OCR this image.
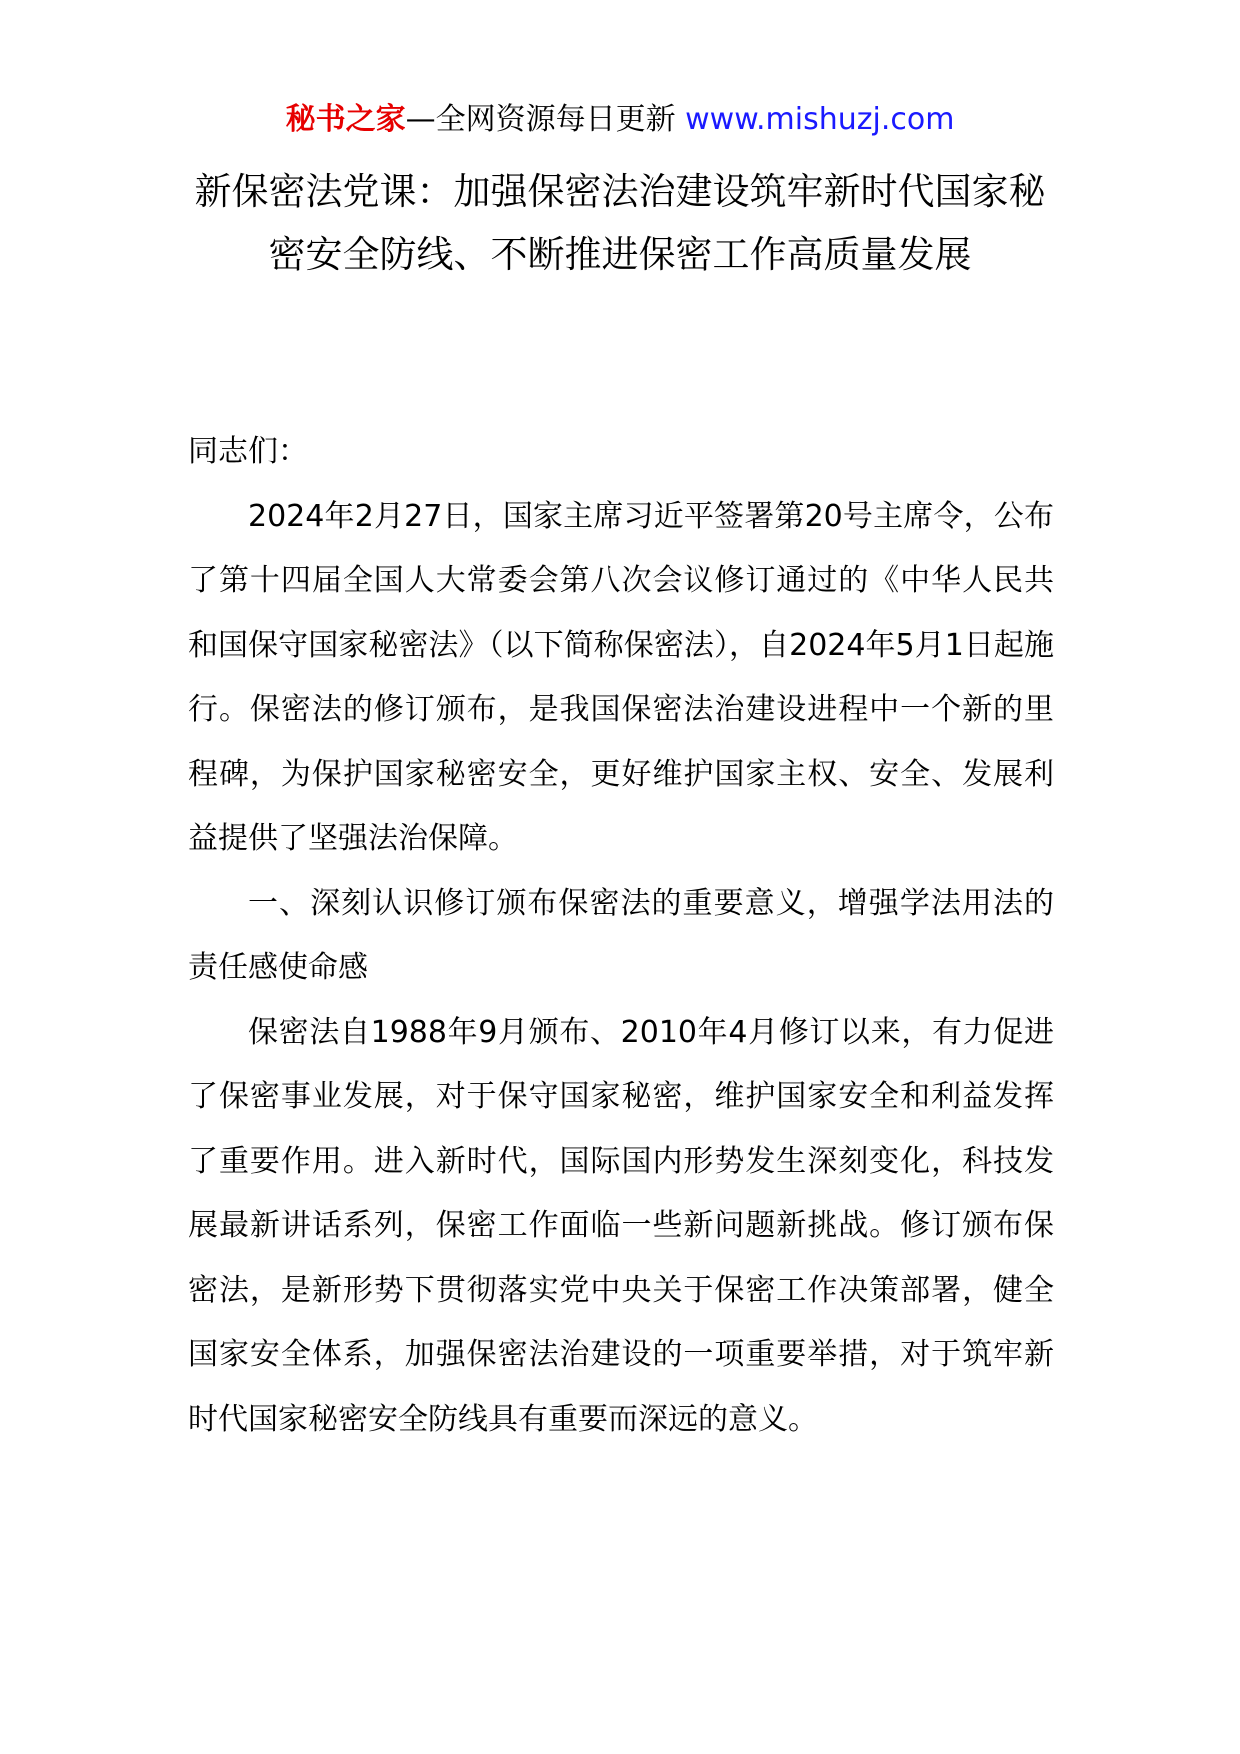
秘书之家—全网资源每日更新 www.mishuzj.com
新保密法党课：加强保密法治建设筑牢新时代国家秘密安全防线、不断推进保密工作高质量发展

同志们：

2024年2月27日，国家主席习近平签署第20号主席令，公布了第十四届全国人大常委会第八次会议修订通过的《中华人民共和国保守国家秘密法》（以下简称保密法），自2024年5月1日起施行。保密法的修订颁布，是我国保密法治建设进程中一个新的里程碑，为保护国家秘密安全，更好维护国家主权、安全、发展利益提供了坚强法治保障。

一、深刻认识修订颁布保密法的重要意义，增强学法用法的责任感使命感

保密法自1988年9月颁布、2010年4月修订以来，有力促进了保密事业发展，对于保守国家秘密，维护国家安全和利益发挥了重要作用。进入新时代，国际国内形势发生深刻变化，科技发展最新讲话系列，保密工作面临一些新问题新挑战。修订颁布保密法，是新形势下贯彻落实党中央关于保密工作决策部署，健全国家安全体系，加强保密法治建设的一项重要举措，对于筑牢新时代国家秘密安全防线具有重要而深远的意义。
